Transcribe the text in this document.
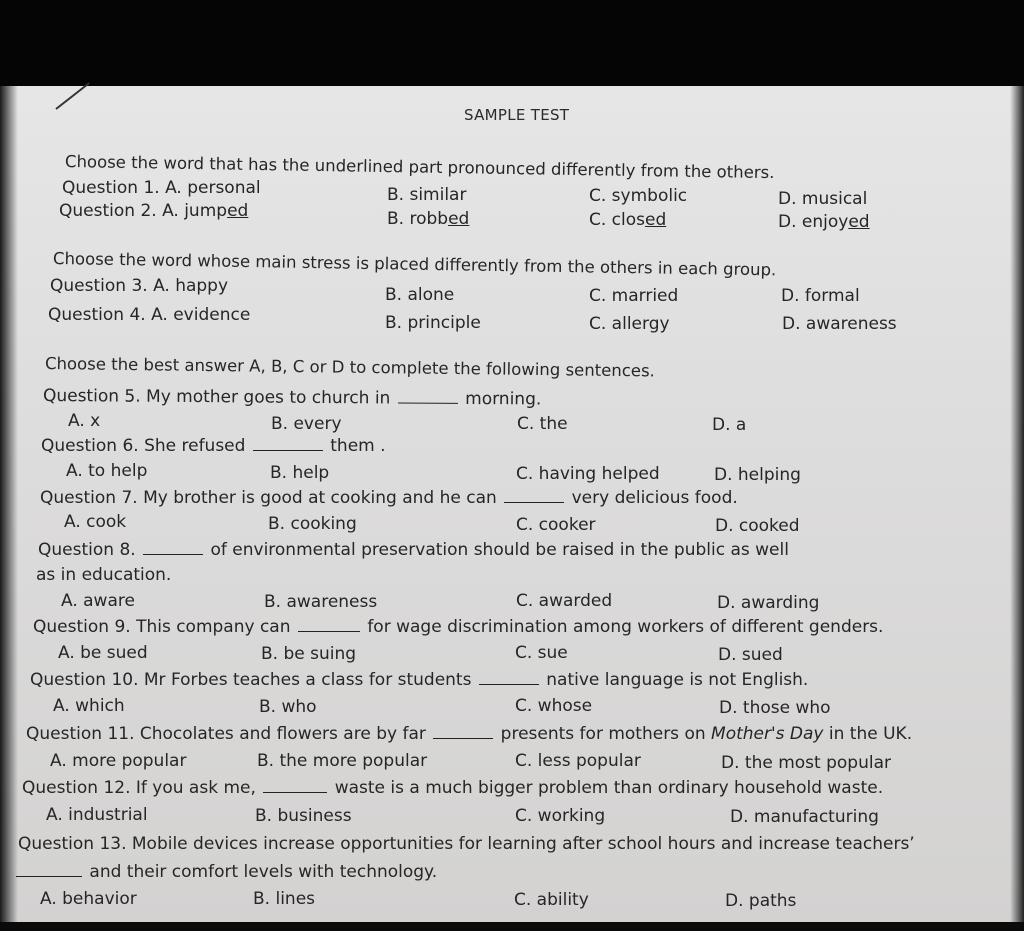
SAMPLE TEST
Choose the word that has the underlined part pronounced differently from the others.
Question 1. A. personal	B. similar	C. symbolic	D. musical
Question 2. A. jumped	B. robbed	C. closed	D. enjoyed
Choose the word whose main stress is placed differently from the others in each group.
Question 3. A. happy	B. alone	C. married	D. formal
Question 4. A. evidence	B. principle	C. allergy	D. awareness
Choose the best answer A, B, C or D to complete the following sentences.
Question 5. My mother goes to church in	morning.
A. x	B. every	C. the	D. a
Question 6. She refused	them .
A. to help	B. help	C. having helped	D. helping
Question 7. My brother is good at cooking and he can	very delicious food.
A. cook	B. cooking	C. cooker	D. cooked
Question 8.	of environmental preservation should be raised in the public as well
as in education.
A. aware	B. awareness	C. awarded	D. awarding
Question 9. This company can	for wage discrimination among workers of different genders.
A. be sued	B. be suing	C. sue	D. sued
Question 10. Mr Forbes teaches a class for students	native language is not English.
A. which	B. who	C. whose	D. those who
Question 11. Chocolates and flowers are by far	presents for mothers on Mother's Day in the UK.
A. more popular	B. the more popular	C. less popular	D. the most popular
Question 12. If you ask me,	waste is a much bigger problem than ordinary household waste.
A. industrial	B. business	C. working	D. manufacturing
Question 13. Mobile devices increase opportunities for learning after school hours and increase teachers’
and their comfort levels with technology.
A. behavior	B. lines	C. ability	D. paths
